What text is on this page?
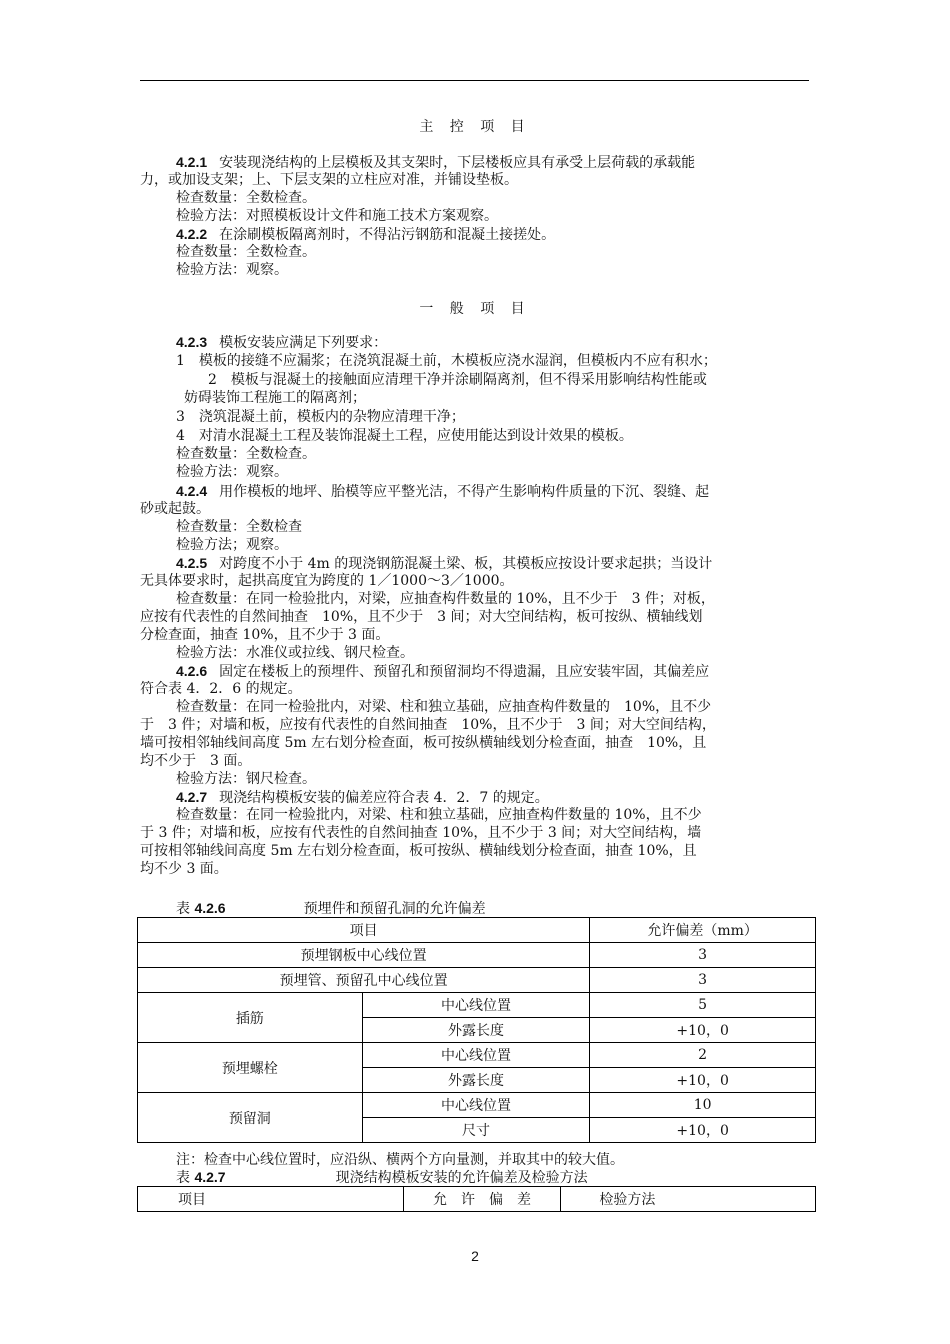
主 控 项 目
一 般 项 目
4.2.1 安装现浇结构的上层模板及其支架时，下层楼板应具有承受上层荷载的承载能
力，或加设支架；上、下层支架的立柱应对准，并铺设垫板。
检查数量：全数检查。
检验方法：对照模板设计文件和施工技术方案观察。
4.2.2 在涂刷模板隔离剂时，不得沾污钢筋和混凝土接搓处。
检查数量：全数检查。
检验方法：观察。
4.2.3 模板安装应满足下列要求：
1　模板的接缝不应漏浆；在浇筑混凝土前，木模板应浇水湿润，但模板内不应有积水；
2　模板与混凝土的接触面应清理干净并涂刷隔离剂，但不得采用影响结构性能或
妨碍装饰工程施工的隔离剂；
3　浇筑混凝土前，模板内的杂物应清理干净；
4　对清水混凝土工程及装饰混凝土工程，应使用能达到设计效果的模板。
检查数量：全数检查。
检验方法：观察。
4.2.4 用作模板的地坪、胎模等应平整光洁，不得产生影响构件质量的下沉、裂缝、起
砂或起鼓。
检查数量：全数检查
检验方法；观察。
4.2.5 对跨度不小于 4m 的现浇钢筋混凝土梁、板，其模板应按设计要求起拱；当设计
无具体要求时，起拱高度宜为跨度的 1／1000～3／1000。
检查数量：在同一检验批内，对梁，应抽查构件数量的 10%，且不少于　3 件；对板，
应按有代表性的自然间抽查　10%，且不少于　3 间；对大空间结构，板可按纵、横轴线划
分检查面，抽查 10%，且不少于 3 面。
检验方法：水准仪或拉线、钢尺检查。
4.2.6 固定在楼板上的预埋件、预留孔和预留洞均不得遗漏，且应安装牢固，其偏差应
符合表 4．2．6 的规定。
检查数量：在同一检验批内，对梁、柱和独立基础，应抽查构件数量的　10%，且不少
于　3 件；对墙和板，应按有代表性的自然间抽查　10%，且不少于　3 间；对大空间结构，
墙可按相邻轴线间高度 5m 左右划分检查面，板可按纵横轴线划分检查面，抽查　10%，且
均不少于　3 面。
检验方法：钢尺检查。
4.2.7 现浇结构模板安装的偏差应符合表 4．2．7 的规定。
检查数量：在同一检验批内，对梁、柱和独立基础，应抽查构件数量的 10%，且不少
于 3 件；对墙和板，应按有代表性的自然间抽查 10%，且不少于 3 间；对大空间结构，墙
可按相邻轴线间高度 5m 左右划分检查面，板可按纵、横轴线划分检查面，抽查 10%，且
均不少 3 面。
表 4.2.6	预埋件和预留孔洞的允许偏差
项目		允许偏差（mm）
预埋钢板中心线位置		3
预埋管、预留孔中心线位置		3
插筋	中心线位置	5
	外露长度	+10，0
预埋螺栓	中心线位置	2
	外露长度	+10，0
预留洞	中心线位置	10
	尺寸	+10，0
注：检查中心线位置时，应沿纵、横两个方向量测，并取其中的较大值。
表 4.2.7	现浇结构模板安装的允许偏差及检验方法
项目	允　许　偏　差	检验方法
2
